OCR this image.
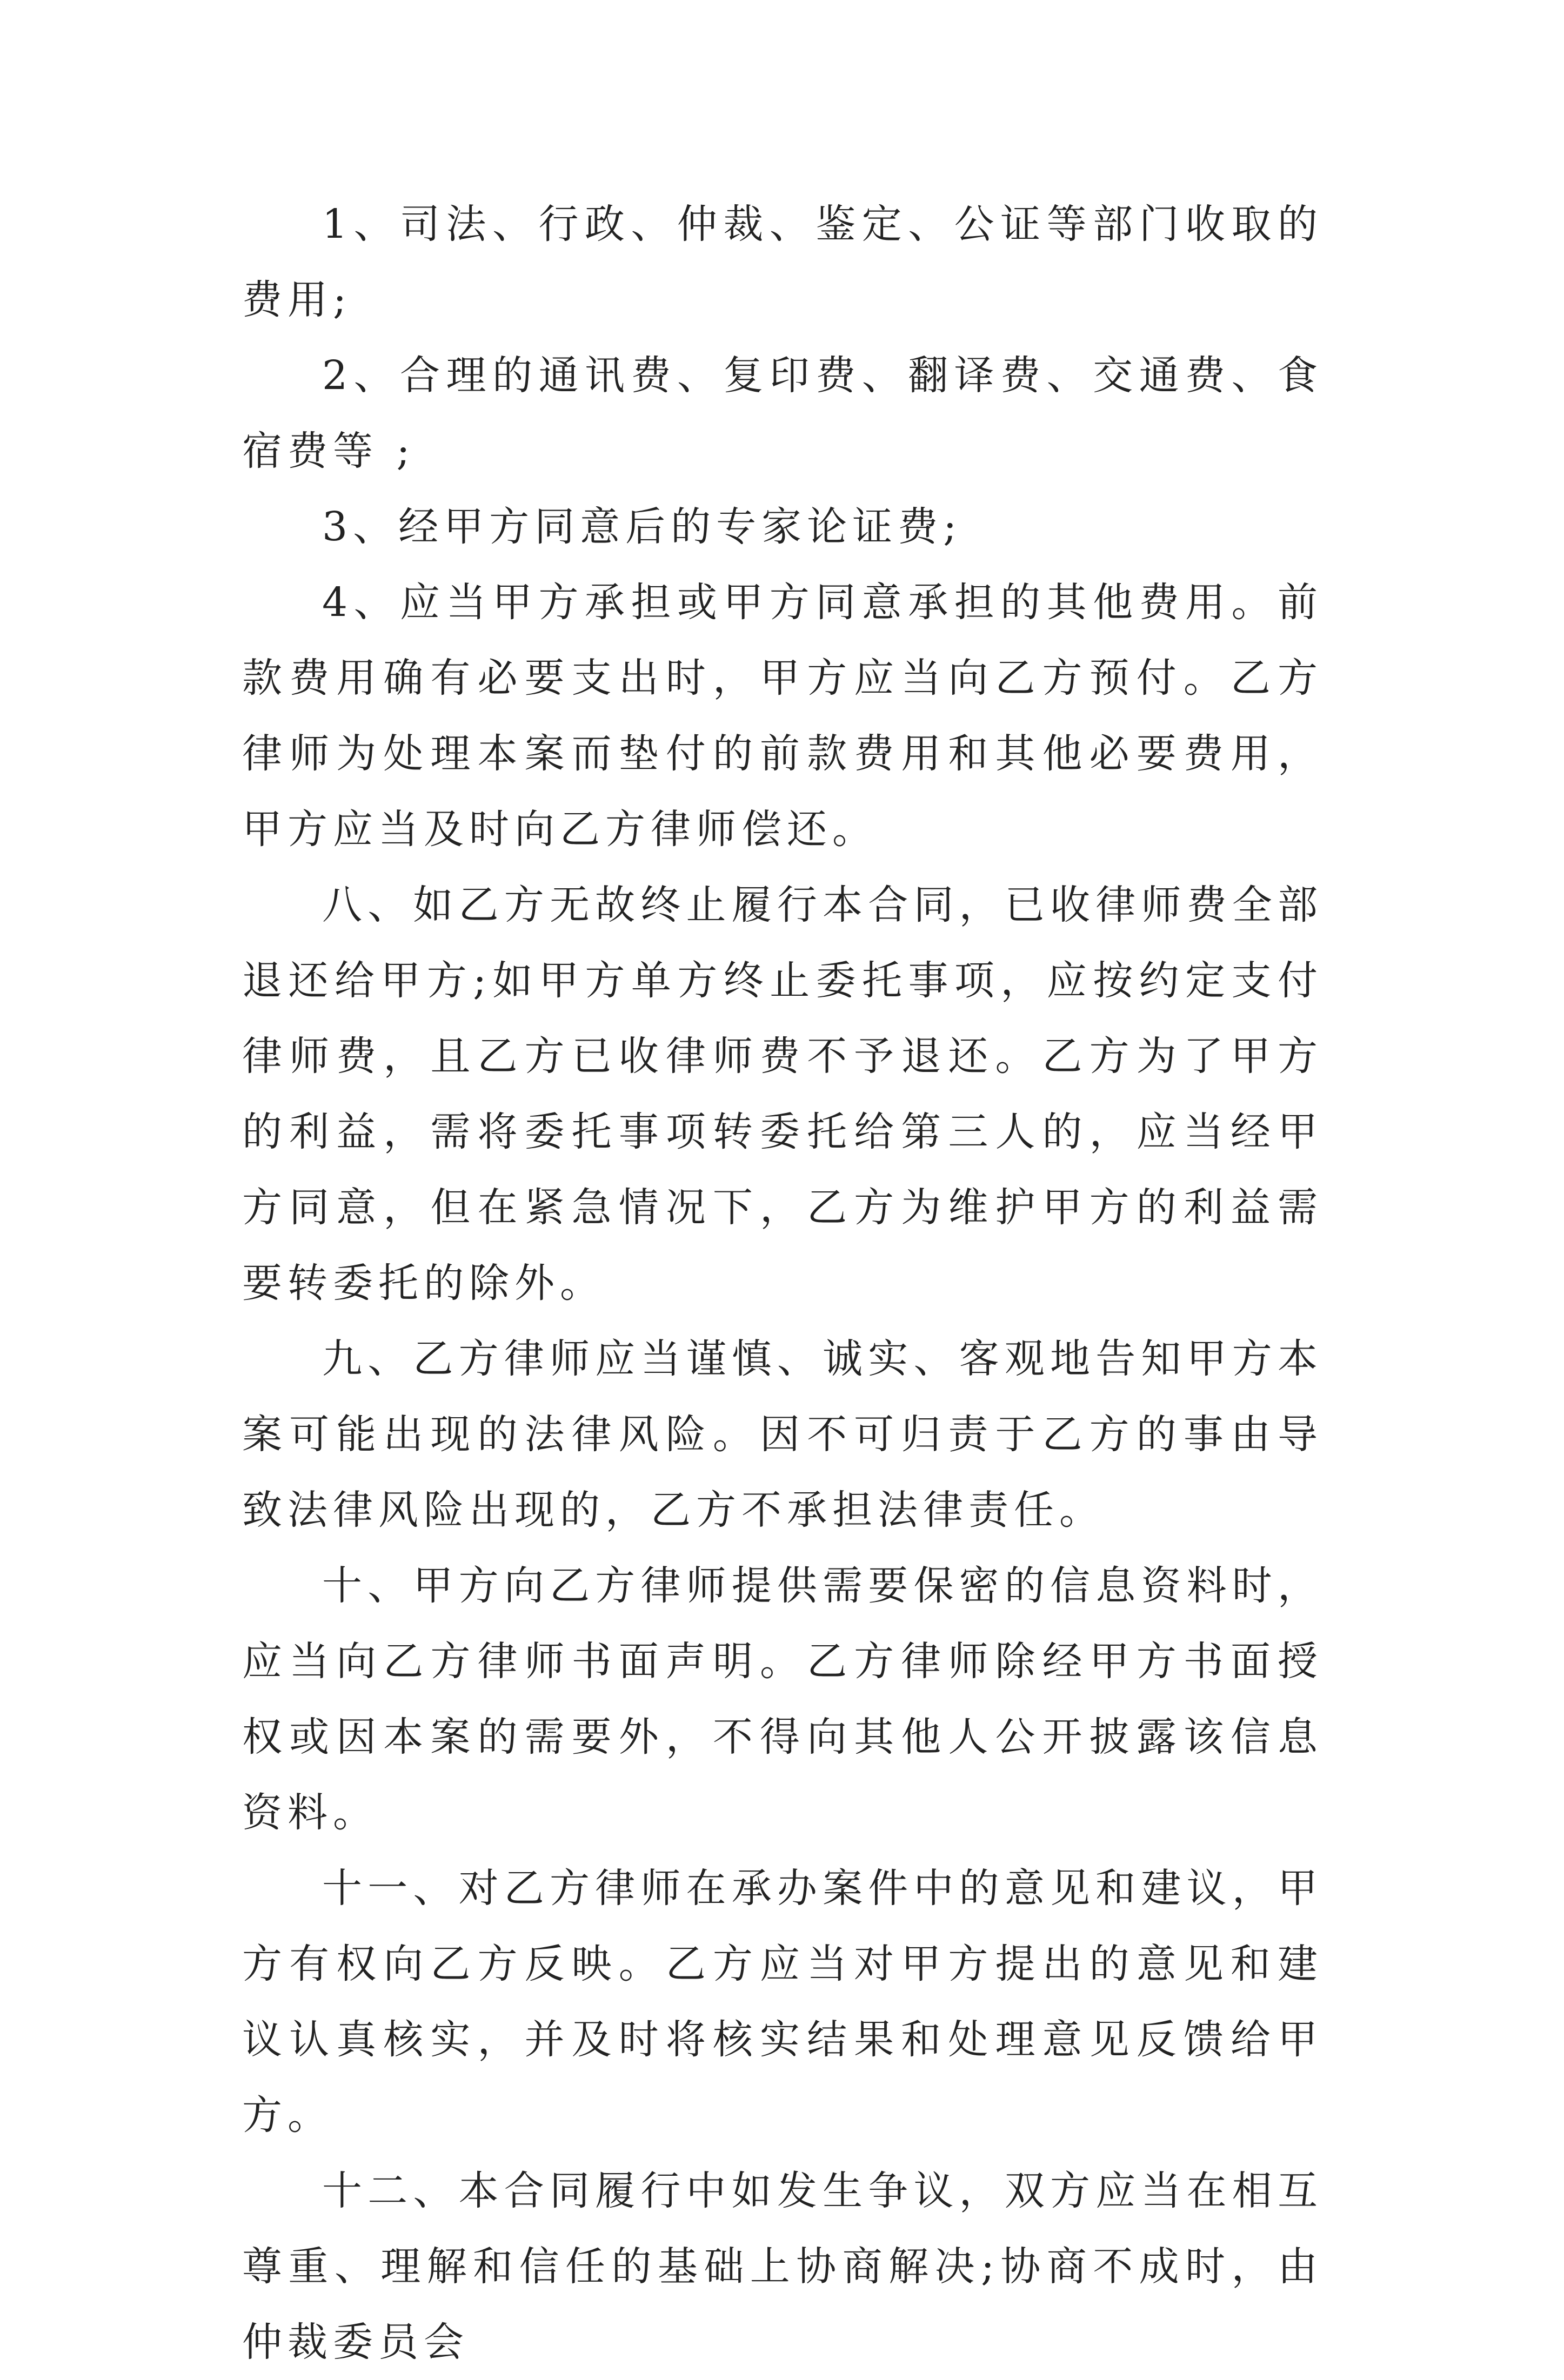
1、司法、行政、仲裁、鉴定、公证等部门收取的费用;

2、合理的通讯费、复印费、翻译费、交通费、食宿费等 ;

3、经甲方同意后的专家论证费;

4、应当甲方承担或甲方同意承担的其他费用。前款费用确有必要支出时，甲方应当向乙方预付。乙方律师为处理本案而垫付的前款费用和其他必要费用，甲方应当及时向乙方律师偿还。

八、如乙方无故终止履行本合同，已收律师费全部退还给甲方;如甲方单方终止委托事项，应按约定支付律师费，且乙方已收律师费不予退还。乙方为了甲方的利益，需将委托事项转委托给第三人的，应当经甲方同意，但在紧急情况下，乙方为维护甲方的利益需要转委托的除外。

九、乙方律师应当谨慎、诚实、客观地告知甲方本案可能出现的法律风险。因不可归责于乙方的事由导致法律风险出现的，乙方不承担法律责任。

十、甲方向乙方律师提供需要保密的信息资料时，应当向乙方律师书面声明。乙方律师除经甲方书面授权或因本案的需要外，不得向其他人公开披露该信息资料。

十一、对乙方律师在承办案件中的意见和建议，甲方有权向乙方反映。乙方应当对甲方提出的意见和建议认真核实，并及时将核实结果和处理意见反馈给甲方。

十二、本合同履行中如发生争议，双方应当在相互尊重、理解和信任的基础上协商解决;协商不成时，由仲裁委员会
